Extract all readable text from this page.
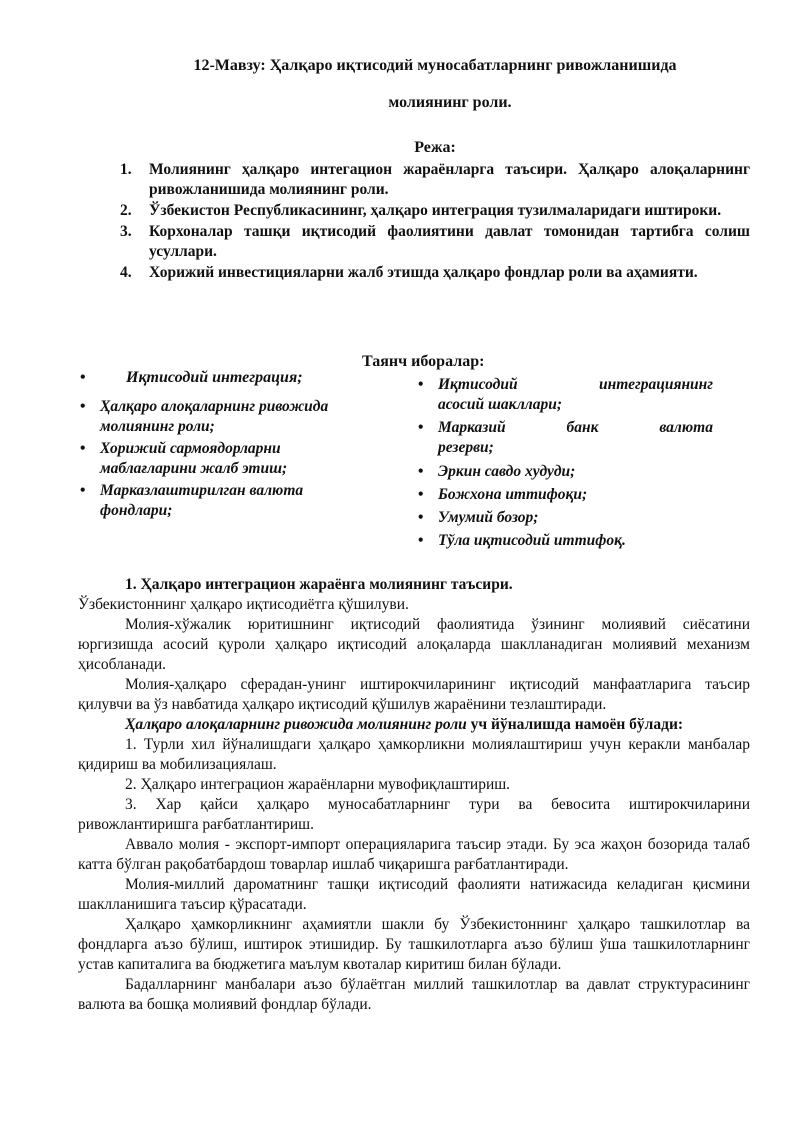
12-Мавзу: Ҳалқаро иқтисодий муносабатларнинг ривожланишида
молиянинг роли.
Режа:
1. Молиянинг ҳалқаро интегацион жараёнларга таъсири. Ҳалқаро алоқаларнинг ривожланишида молиянинг роли.
2. Ўзбекистон Республикасининг, ҳалқаро интеграция тузилмаларидаги иштироки.
3. Корхоналар ташқи иқтисодий фаолиятини давлат томонидан тартибга солиш усуллари.
4. Хорижий инвестицияларни жалб этишда ҳалқаро фондлар роли ва аҳамияти.
Таянч иборалар:
•	Иқтисодий интеграция;
• Ҳалқаро алоқаларнинг ривожида молиянинг роли;
• Хорижий сармоядорларни маблағларини жалб этиш;
• Марказлаштирилган валюта фондлари;
• Иқтисодий интеграциянинг
асосий шакллари;
• Марказий банк валюта
резерви;
• Эркин савдо худуди;
• Божхона иттифоқи;
• Умумий бозор;
• Тўла иқтисодий иттифоқ.

1. Ҳалқаро интеграцион жараёнга молиянинг таъсири.

Ўзбекистоннинг ҳалқаро иқтисодиётга қўшилуви.

Молия-хўжалик юритишнинг иқтисодий фаолиятида ўзининг молиявий сиёсатини юргизишда асосий қуроли ҳалқаро иқтисодий алоқаларда шаклланадиган молиявий механизм ҳисобланади.

Молия-ҳалқаро сферадан-унинг иштирокчиларининг иқтисодий манфаатларига таъсир қилувчи ва ўз навбатида ҳалқаро иқтисодий қўшилув жараёнини тезлаштиради.

Ҳалқаро алоқаларнинг ривожида молиянинг роли уч йўналишда намоён бўлади:

1. Турли хил йўналишдаги ҳалқаро ҳамкорликни молиялаштириш учун керакли манбалар қидириш ва мобилизациялаш.

2. Ҳалқаро интеграцион жараёнларни мувофиқлаштириш.

3. Хар қайси ҳалқаро муносабатларнинг тури ва бевосита иштирокчиларини ривожлантиришга рағбатлантириш.

Аввало молия - экспорт-импорт операцияларига таъсир этади. Бу эса жаҳон бозорида талаб катта бўлган рақобатбардош товарлар ишлаб чиқаришга рағбатлантиради.

Молия-миллий дароматнинг ташқи иқтисодий фаолияти натижасида келадиган қисмини шаклланишига таъсир қўрасатади.

Ҳалқаро ҳамкорликнинг аҳамиятли шакли бу Ўзбекистоннинг ҳалқаро ташкилотлар ва фондларга аъзо бўлиш, иштирок этишидир. Бу ташкилотларга аъзо бўлиш ўша ташкилотларнинг устав капиталига ва бюджетига маълум квоталар киритиш билан бўлади.

Бадалларнинг манбалари аъзо бўлаётган миллий ташкилотлар ва давлат структурасининг валюта ва бошқа молиявий фондлар бўлади.
